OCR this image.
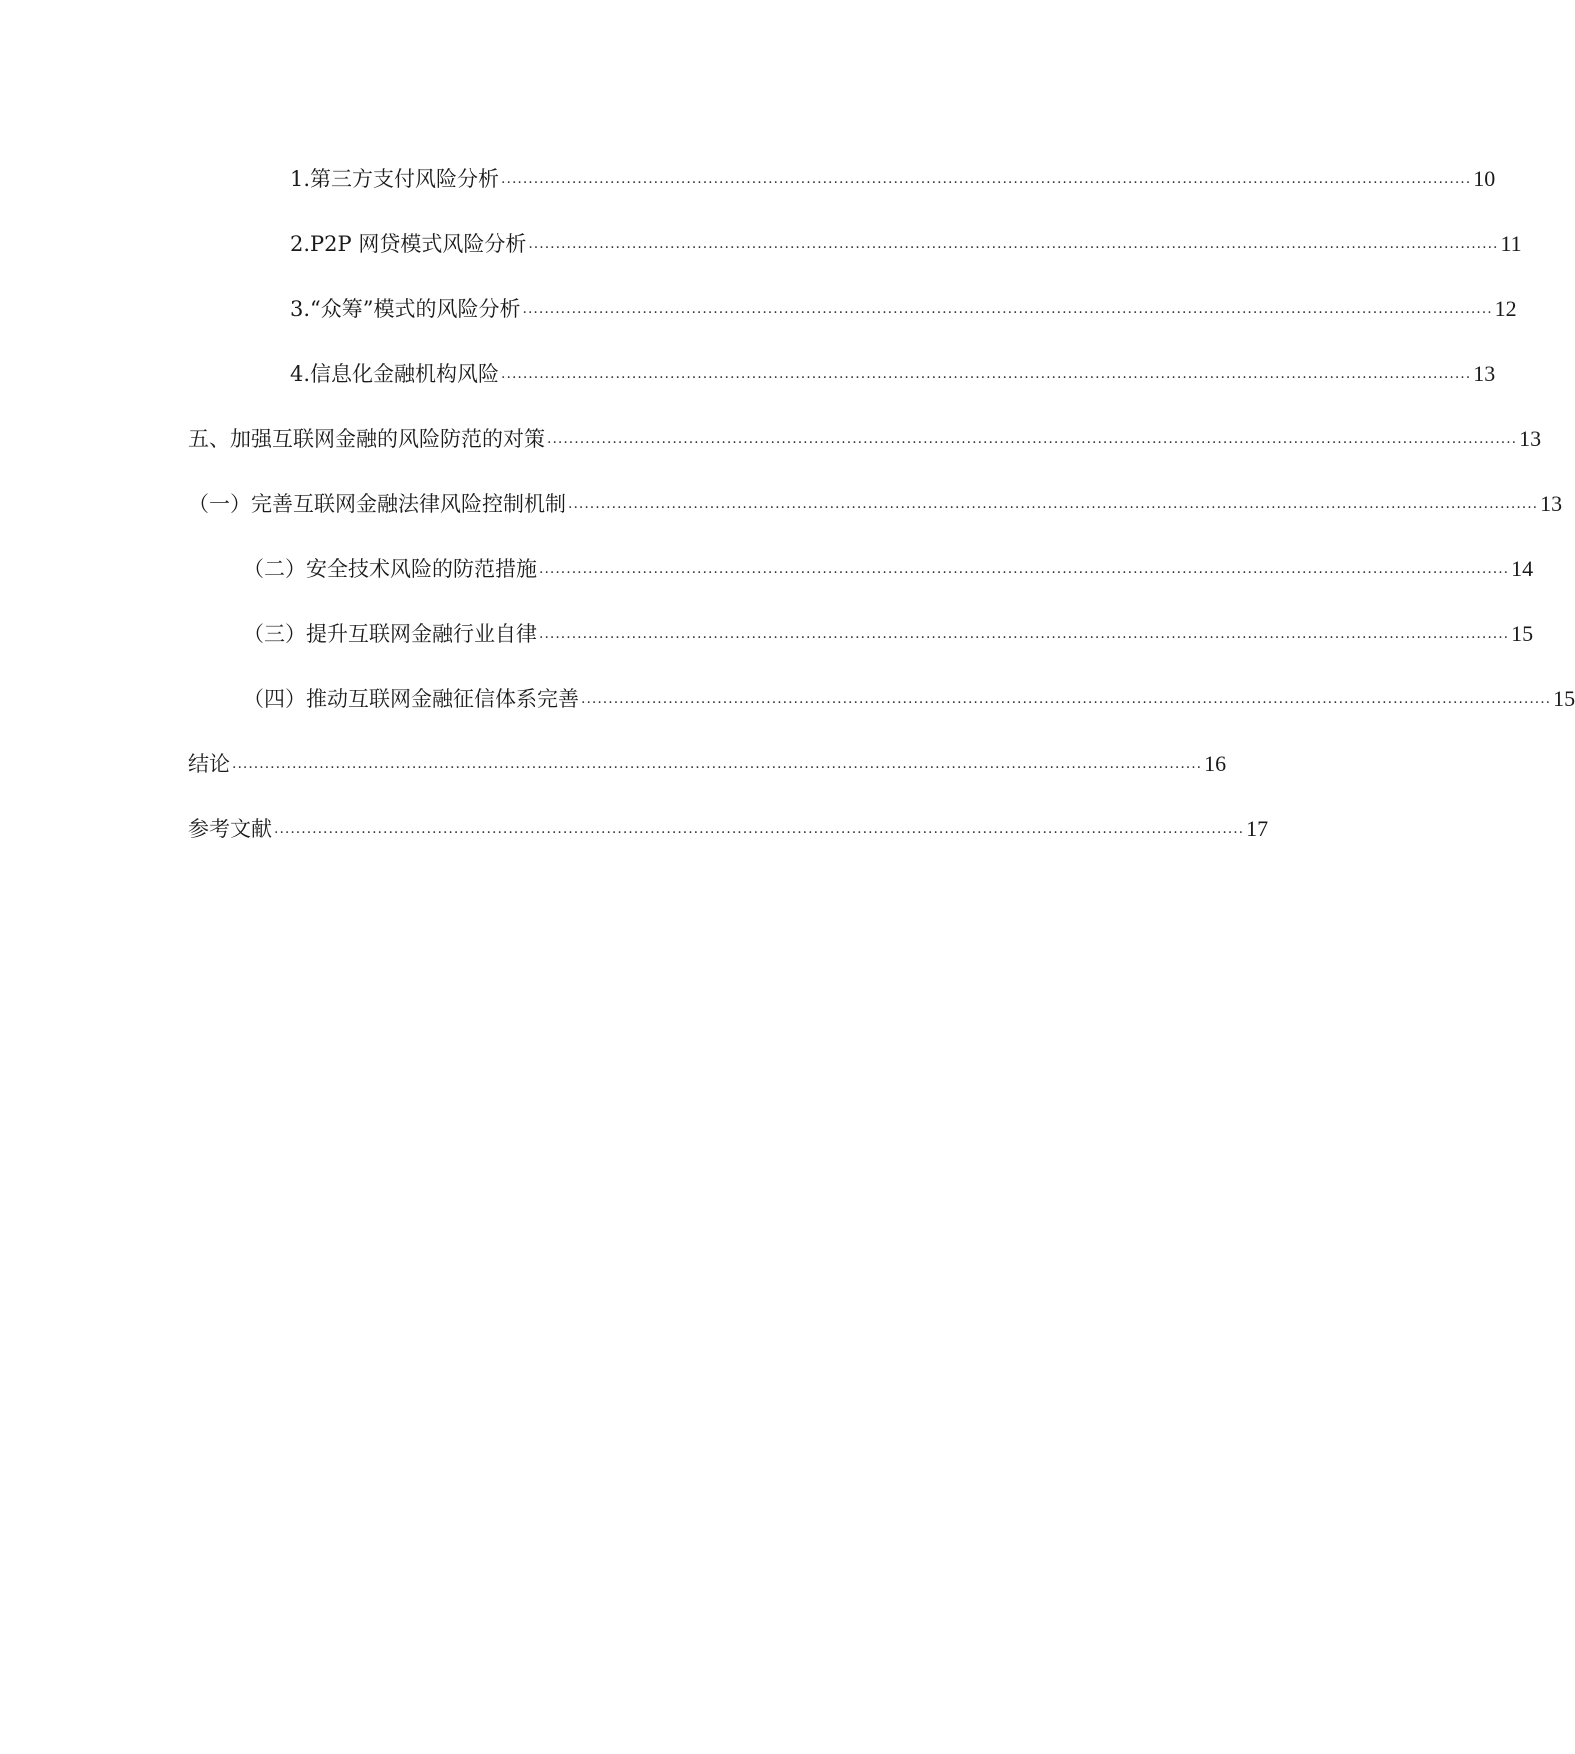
1.第三方支付风险分析 .................................................................................................................................................................................. 10
2.P2P 网贷模式风险分析 .................................................................................................................................................................................. 11
3.“众筹”模式的风险分析 .................................................................................................................................................................................. 12
4.信息化金融机构风险 .................................................................................................................................................................................. 13
五、加强互联网金融的风险防范的对策 .................................................................................................................................................................................. 13
（一）完善互联网金融法律风险控制机制 .................................................................................................................................................................................. 13
（二）安全技术风险的防范措施 .................................................................................................................................................................................. 14
（三）提升互联网金融行业自律 .................................................................................................................................................................................. 15
（四）推动互联网金融征信体系完善 .................................................................................................................................................................................. 15
结论 .................................................................................................................................................................................. 16
参考文献 .................................................................................................................................................................................. 17
